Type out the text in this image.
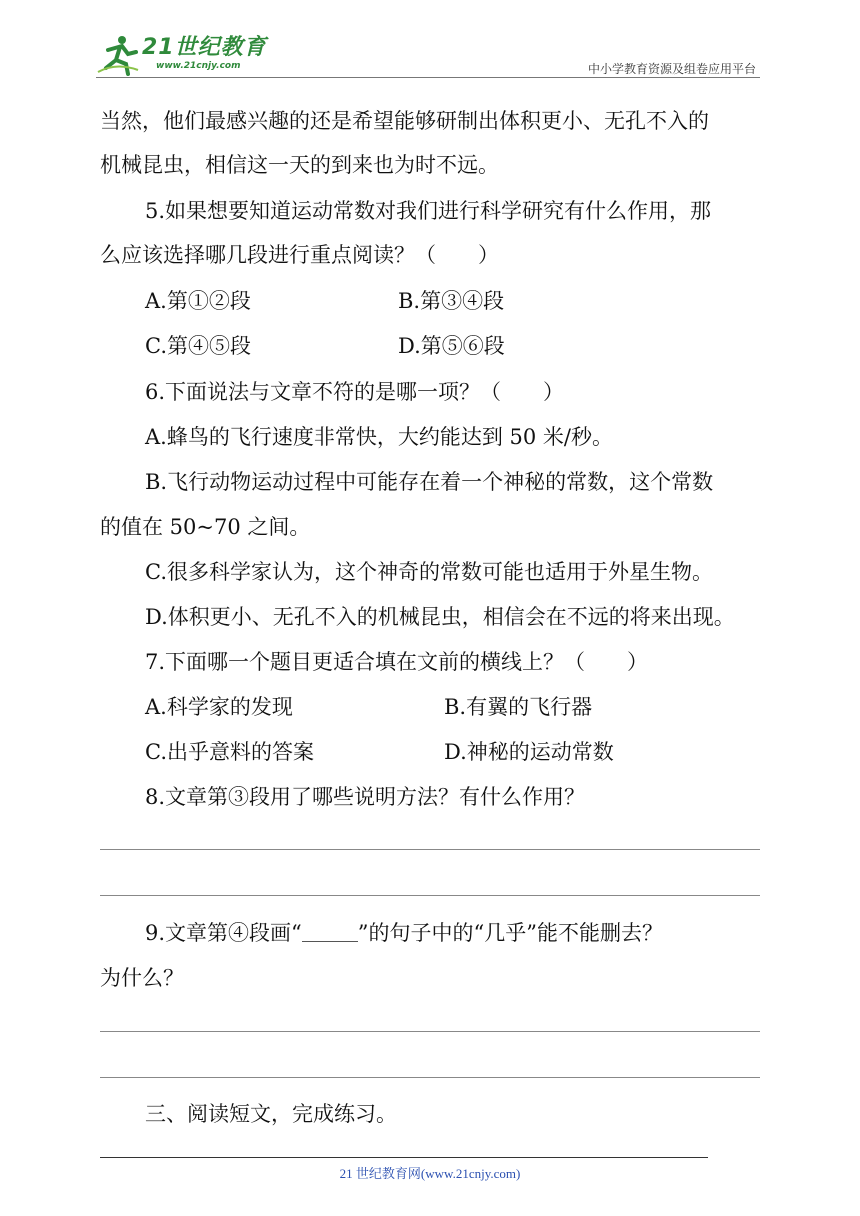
21世纪教育
www.21cnjy.com	中小学教育资源及组卷应用平台
当然，他们最感兴趣的还是希望能够研制出体积更小、无孔不入的
机械昆虫，相信这一天的到来也为时不远。
5.如果想要知道运动常数对我们进行科学研究有什么作用，那
么应该选择哪几段进行重点阅读？（　　）
A.第①②段	B.第③④段
C.第④⑤段	D.第⑤⑥段
6.下面说法与文章不符的是哪一项？（　　）
A.蜂鸟的飞行速度非常快，大约能达到 50 米/秒。
B.飞行动物运动过程中可能存在着一个神秘的常数，这个常数
的值在 50~70 之间。
C.很多科学家认为，这个神奇的常数可能也适用于外星生物。
D.体积更小、无孔不入的机械昆虫，相信会在不远的将来出现。
7.下面哪一个题目更适合填在文前的横线上？（　　）
A.科学家的发现	B.有翼的飞行器
C.出乎意料的答案	D.神秘的运动常数
8.文章第③段用了哪些说明方法？有什么作用？
9.文章第④段画“	”的句子中的“几乎”能不能删去？
为什么？
三、阅读短文，完成练习。
21 世纪教育网(www.21cnjy.com)
